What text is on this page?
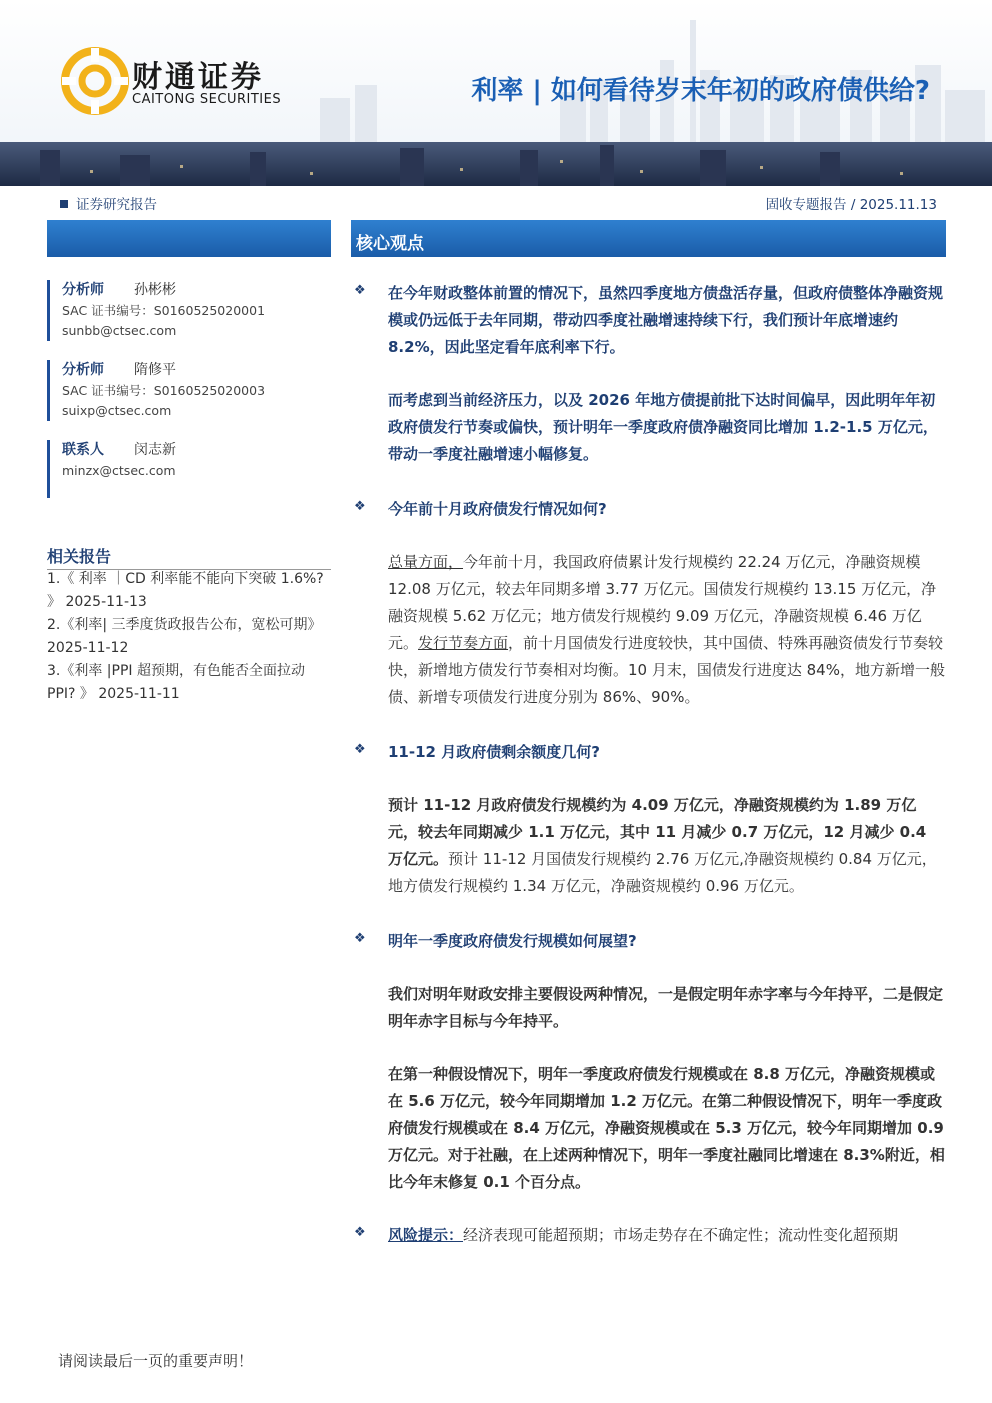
财通证券
CAITONG SECURITIES	利率 | 如何看待岁末年初的政府债供给?
证券研究报告	固收专题报告 / 2025.11.13
核心观点
分析师 孙彬彬
SAC 证书编号：S0160525020001
sunbb@ctsec.com
分析师 隋修平
SAC 证书编号：S0160525020003
suixp@ctsec.com
联系人 闵志新
minzx@ctsec.com
相关报告
1.《 利率 ｜CD 利率能不能向下突破 1.6%? 》 2025-11-13
2.《利率| 三季度货政报告公布，宽松可期》 2025-11-12
3.《利率 |PPI 超预期，有色能否全面拉动 PPI? 》 2025-11-11
❖ 在今年财政整体前置的情况下，虽然四季度地方债盘活存量，但政府债整体净融资规模或仍远低于去年同期，带动四季度社融增速持续下行，我们预计年底增速约 8.2%，因此坚定看年底利率下行。
而考虑到当前经济压力，以及 2026 年地方债提前批下达时间偏早，因此明年年初政府债发行节奏或偏快，预计明年一季度政府债净融资同比增加 1.2-1.5 万亿元，带动一季度社融增速小幅修复。
❖ 今年前十月政府债发行情况如何?
总量方面，今年前十月，我国政府债累计发行规模约 22.24 万亿元，净融资规模 12.08 万亿元，较去年同期多增 3.77 万亿元。国债发行规模约 13.15 万亿元，净融资规模 5.62 万亿元；地方债发行规模约 9.09 万亿元，净融资规模 6.46 万亿元。发行节奏方面，前十月国债发行进度较快，其中国债、特殊再融资债发行节奏较快，新增地方债发行节奏相对均衡。10 月末，国债发行进度达 84%，地方新增一般债、新增专项债发行进度分别为 86%、90%。
❖ 11-12 月政府债剩余额度几何?
预计 11-12 月政府债发行规模约为 4.09 万亿元，净融资规模约为 1.89 万亿元，较去年同期减少 1.1 万亿元，其中 11 月减少 0.7 万亿元，12 月减少 0.4 万亿元。预计 11-12 月国债发行规模约 2.76 万亿元,净融资规模约 0.84 万亿元，地方债发行规模约 1.34 万亿元，净融资规模约 0.96 万亿元。
❖ 明年一季度政府债发行规模如何展望?
我们对明年财政安排主要假设两种情况，一是假定明年赤字率与今年持平，二是假定明年赤字目标与今年持平。
在第一种假设情况下，明年一季度政府债发行规模或在 8.8 万亿元，净融资规模或在 5.6 万亿元，较今年同期增加 1.2 万亿元。在第二种假设情况下，明年一季度政府债发行规模或在 8.4 万亿元，净融资规模或在 5.3 万亿元，较今年同期增加 0.9 万亿元。对于社融，在上述两种情况下，明年一季度社融同比增速在 8.3%附近，相比今年末修复 0.1 个百分点。
❖ 风险提示：经济表现可能超预期；市场走势存在不确定性；流动性变化超预期
请阅读最后一页的重要声明！
